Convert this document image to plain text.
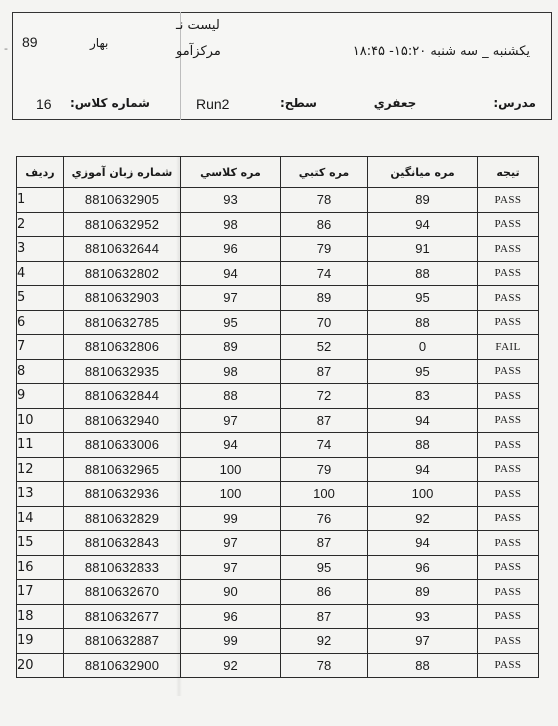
- 89	بهار
لیست نـ
مرکزآمو	یکشنبه _ سه شنبه ۱۵:۲۰- ۱۸:۴۵
16 شماره کلاس:	Run2	سطح:	جعفري	مدرس:
رديف	شماره زبان آموزي	مره كلاسي	مره كتبي	مره ميانگين	تيجه
1	8810632905	93	78	89	PASS
2	8810632952	98	86	94	PASS
3	8810632644	96	79	91	PASS
4	8810632802	94	74	88	PASS
5	8810632903	97	89	95	PASS
6	8810632785	95	70	88	PASS
7	8810632806	89	52	0	FAIL
8	8810632935	98	87	95	PASS
9	8810632844	88	72	83	PASS
10	8810632940	97	87	94	PASS
11	8810633006	94	74	88	PASS
12	8810632965	100	79	94	PASS
13	8810632936	100	100	100	PASS
14	8810632829	99	76	92	PASS
15	8810632843	97	87	94	PASS
16	8810632833	97	95	96	PASS
17	8810632670	90	86	89	PASS
18	8810632677	96	87	93	PASS
19	8810632887	99	92	97	PASS
20	8810632900	92	78	88	PASS
